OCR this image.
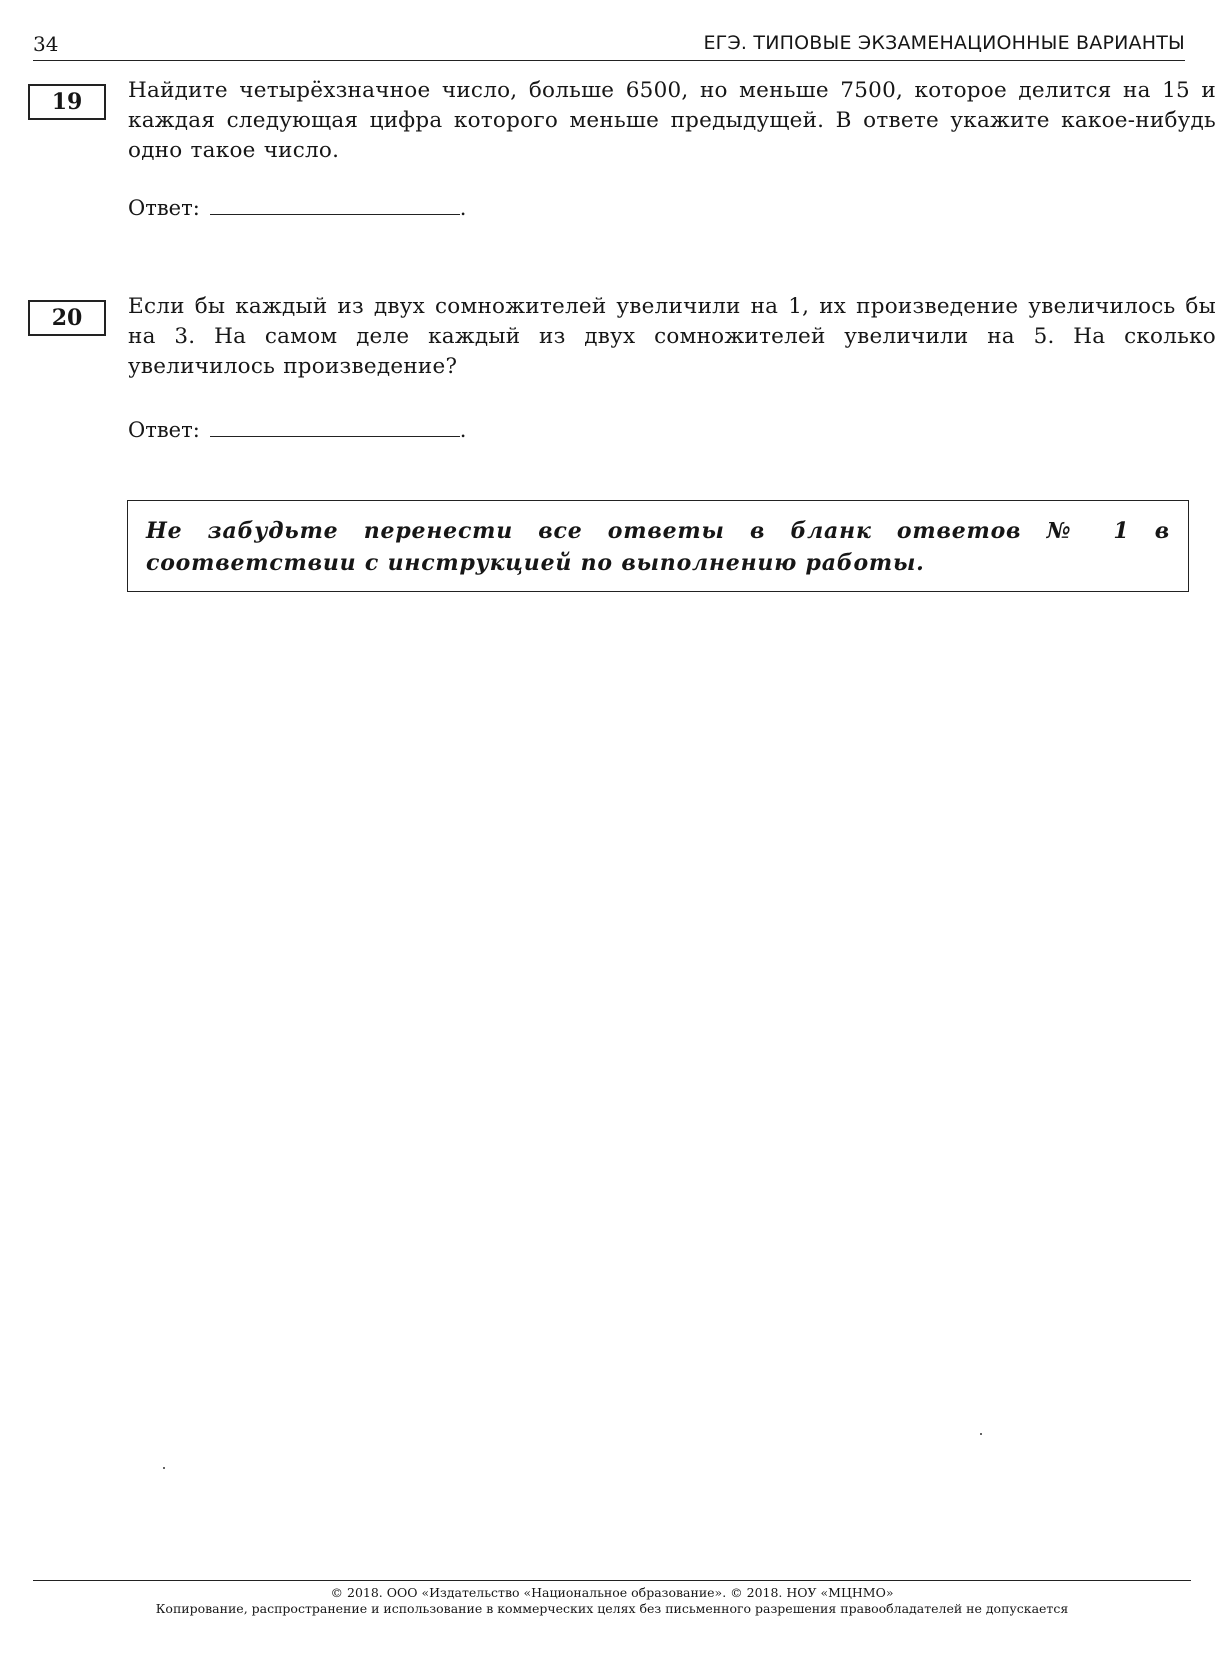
34	ЕГЭ. ТИПОВЫЕ ЭКЗАМЕНАЦИОННЫЕ ВАРИАНТЫ
19	Найдите четырёхзначное число, больше 6500, но меньше 7500, которое делится на 15 и каждая следующая цифра которого меньше предыдущей. В ответе укажите какое-нибудь одно такое число.
Ответ:	.
20	Если бы каждый из двух сомножителей увеличили на 1, их произведение увеличилось бы на 3. На самом деле каждый из двух сомножителей увеличили на 5. На сколько увеличилось произведение?
Ответ:	.
Не забудьте перенести все ответы в бланк ответов № 1 в соответствии с инструкцией по выполнению работы.
© 2018. ООО «Издательство «Национальное образование». © 2018. НОУ «МЦНМО»
Копирование, распространение и использование в коммерческих целях без письменного разрешения правообладателей не допускается
